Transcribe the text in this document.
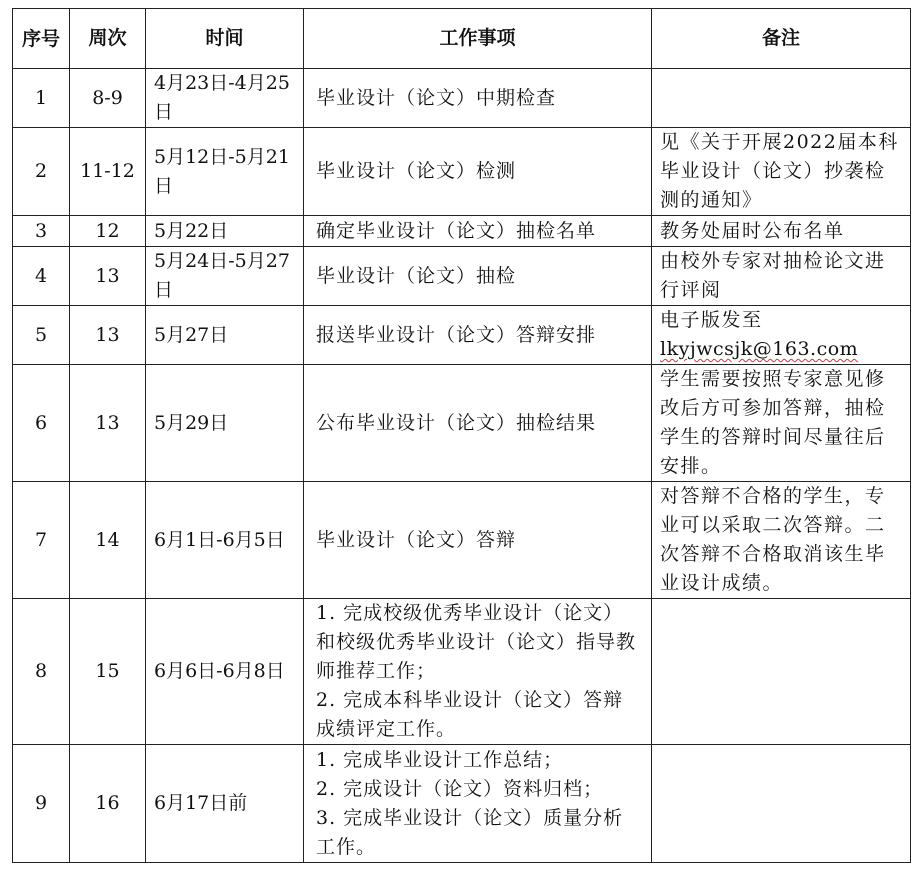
序号	周次	时间	工作事项	备注
1	8-9	4月23日-4月25日	毕业设计（论文）中期检查	
2	11-12	5月12日-5月21日	毕业设计（论文）检测	见《关于开展2022届本科毕业设计（论文）抄袭检测的通知》
3	12	5月22日	确定毕业设计（论文）抽检名单	教务处届时公布名单
4	13	5月24日-5月27日	毕业设计（论文）抽检	由校外专家对抽检论文进行评阅
5	13	5月27日	报送毕业设计（论文）答辩安排	电子版发至
lkyjwcsjk@163.com

6	13	5月29日	公布毕业设计（论文）抽检结果	学生需要按照专家意见修改后方可参加答辩，抽检学生的答辩时间尽量往后安排。
7	14	6月1日-6月5日	毕业设计（论文）答辩	对答辩不合格的学生，专业可以采取二次答辩。二次答辩不合格取消该生毕业设计成绩。
8	15	6月6日-6月8日	1. 完成校级优秀毕业设计（论文）和校级优秀毕业设计（论文）指导教师推荐工作；
2. 完成本科毕业设计（论文）答辩成绩评定工作。	

9	16	6月17日前	1. 完成毕业设计工作总结；
2. 完成设计（论文）资料归档；
3. 完成毕业设计（论文）质量分析工作。	
